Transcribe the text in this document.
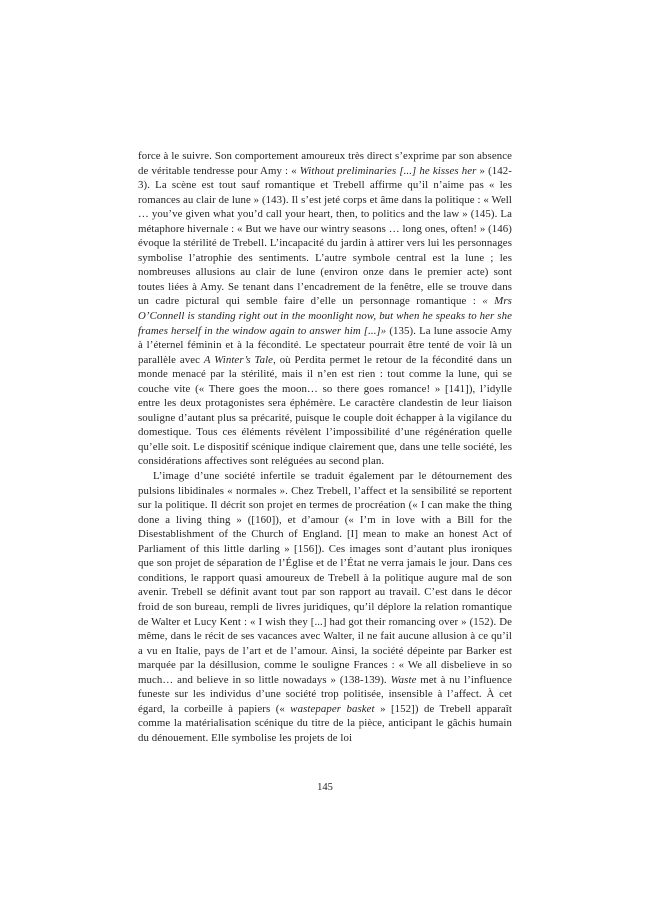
force à le suivre. Son comportement amoureux très direct s’exprime par son absence de véritable tendresse pour Amy : « Without preliminaries [...] he kisses her » (142-3). La scène est tout sauf romantique et Trebell affirme qu’il n’aime pas « les romances au clair de lune » (143). Il s’est jeté corps et âme dans la politique : « Well … you’ve given what you’d call your heart, then, to politics and the law » (145). La métaphore hivernale : « But we have our wintry seasons … long ones, often! » (146) évoque la stérilité de Trebell. L’incapacité du jardin à attirer vers lui les personnages symbolise l’atrophie des sentiments. L’autre symbole central est la lune ; les nombreuses allusions au clair de lune (environ onze dans le premier acte) sont toutes liées à Amy. Se tenant dans l’encadrement de la fenêtre, elle se trouve dans un cadre pictural qui semble faire d’elle un personnage romantique : « Mrs O’Connell is standing right out in the moonlight now, but when he speaks to her she frames herself in the window again to answer him [...]» (135). La lune associe Amy à l’éternel féminin et à la fécondité. Le spectateur pourrait être tenté de voir là un parallèle avec A Winter’s Tale, où Perdita permet le retour de la fécondité dans un monde menacé par la stérilité, mais il n’en est rien : tout comme la lune, qui se couche vite (« There goes the moon… so there goes romance! » [141]), l’idylle entre les deux protagonistes sera éphémère. Le caractère clandestin de leur liaison souligne d’autant plus sa précarité, puisque le couple doit échapper à la vigilance du domestique. Tous ces éléments révèlent l’impossibilité d’une régénération quelle qu’elle soit. Le dispositif scénique indique clairement que, dans une telle société, les considérations affectives sont reléguées au second plan.

L’image d’une société infertile se traduit également par le détournement des pulsions libidinales « normales ». Chez Trebell, l’affect et la sensibilité se reportent sur la politique. Il décrit son projet en termes de procréation (« I can make the thing done a living thing » ([160]), et d’amour (« I’m in love with a Bill for the Disestablishment of the Church of England. [I] mean to make an honest Act of Parliament of this little darling » [156]). Ces images sont d’autant plus ironiques que son projet de séparation de l’Église et de l’État ne verra jamais le jour. Dans ces conditions, le rapport quasi amoureux de Trebell à la politique augure mal de son avenir. Trebell se définit avant tout par son rapport au travail. C’est dans le décor froid de son bureau, rempli de livres juridiques, qu’il déplore la relation romantique de Walter et Lucy Kent : « I wish they [...] had got their romancing over » (152). De même, dans le récit de ses vacances avec Walter, il ne fait aucune allusion à ce qu’il a vu en Italie, pays de l’art et de l’amour. Ainsi, la société dépeinte par Barker est marquée par la désillusion, comme le souligne Frances : « We all disbelieve in so much… and believe in so little nowadays » (138-139). Waste met à nu l’influence funeste sur les individus d’une société trop politisée, insensible à l’affect. À cet égard, la corbeille à papiers (« wastepaper basket » [152]) de Trebell apparaît comme la matérialisation scénique du titre de la pièce, anticipant le gâchis humain du dénouement. Elle symbolise les projets de loi

145
